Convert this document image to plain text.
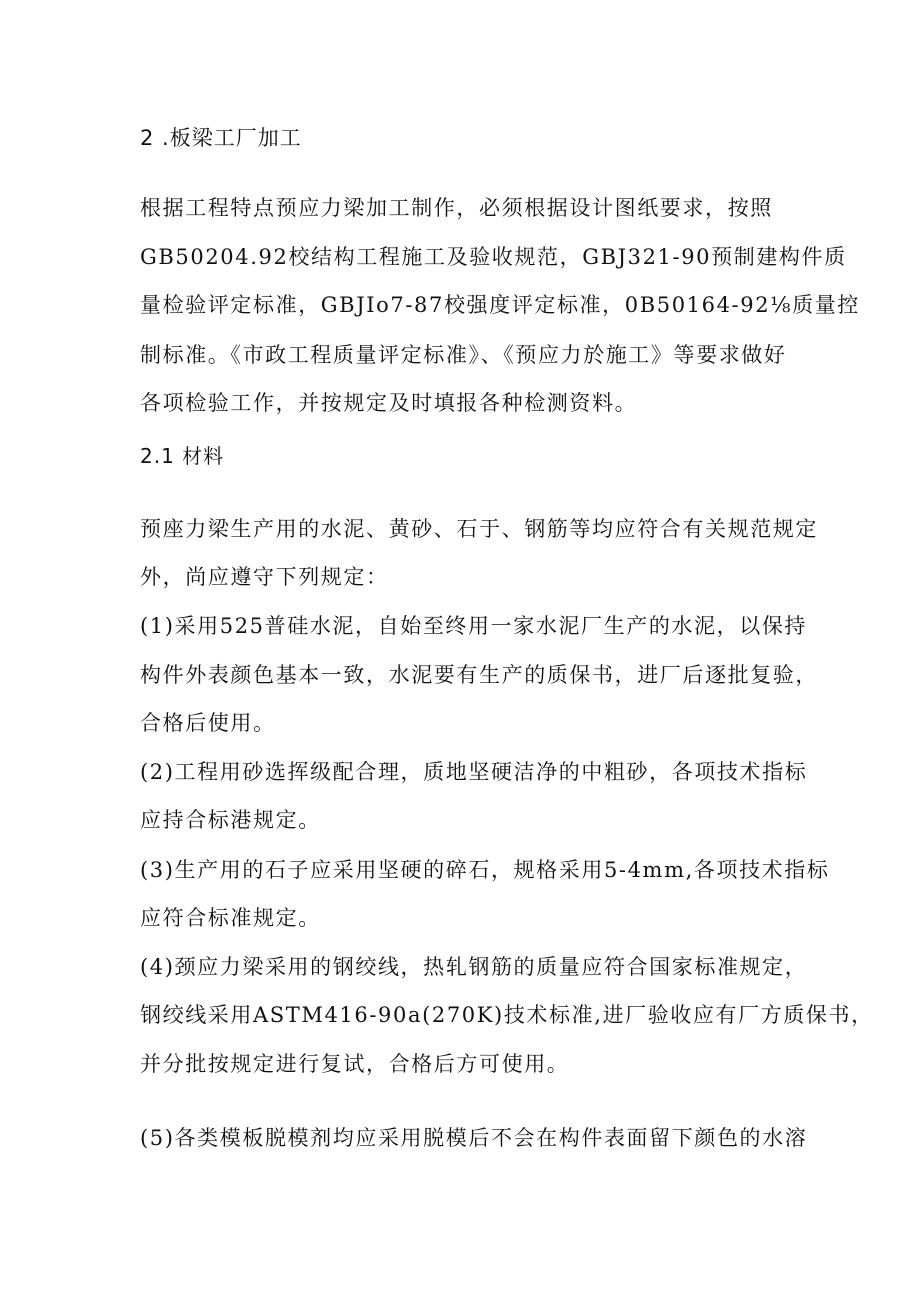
2 .板梁工厂加工
根据工程特点预应力梁加工制作，必须根据设计图纸要求，按照
GB50204.92校结构工程施工及验收规范，GBJ321-90预制建构件质
量检验评定标准，GBJIo7-87校强度评定标准，0B50164-92⅛质量控
制标准。《市政工程质量评定标准》、《预应力於施工》等要求做好
各项检验工作，并按规定及时填报各种检测资料。
2.1 材料
预座力梁生产用的水泥、黄砂、石于、钢筋等均应符合有关规范规定
外，尚应遵守下列规定：
(1)采用525普硅水泥，自始至终用一家水泥厂生产的水泥，以保持
构件外表颜色基本一致，水泥要有生产的质保书，进厂后逐批复验，
合格后使用。
(2)工程用砂选挥级配合理，质地坚硬洁净的中粗砂，各项技术指标
应持合标港规定。
(3)生产用的石子应采用坚硬的碎石，规格采用5-4mm,各项技术指标
应符合标准规定。
(4)颈应力梁采用的钢绞线，热轧钢筋的质量应符合国家标准规定，
钢绞线采用ASTM416-90a(270K)技术标准,进厂验收应有厂方质保书，
并分批按规定进行复试，合格后方可使用。
(5)各类模板脱模剂均应采用脱模后不会在构件表面留下颜色的水溶
